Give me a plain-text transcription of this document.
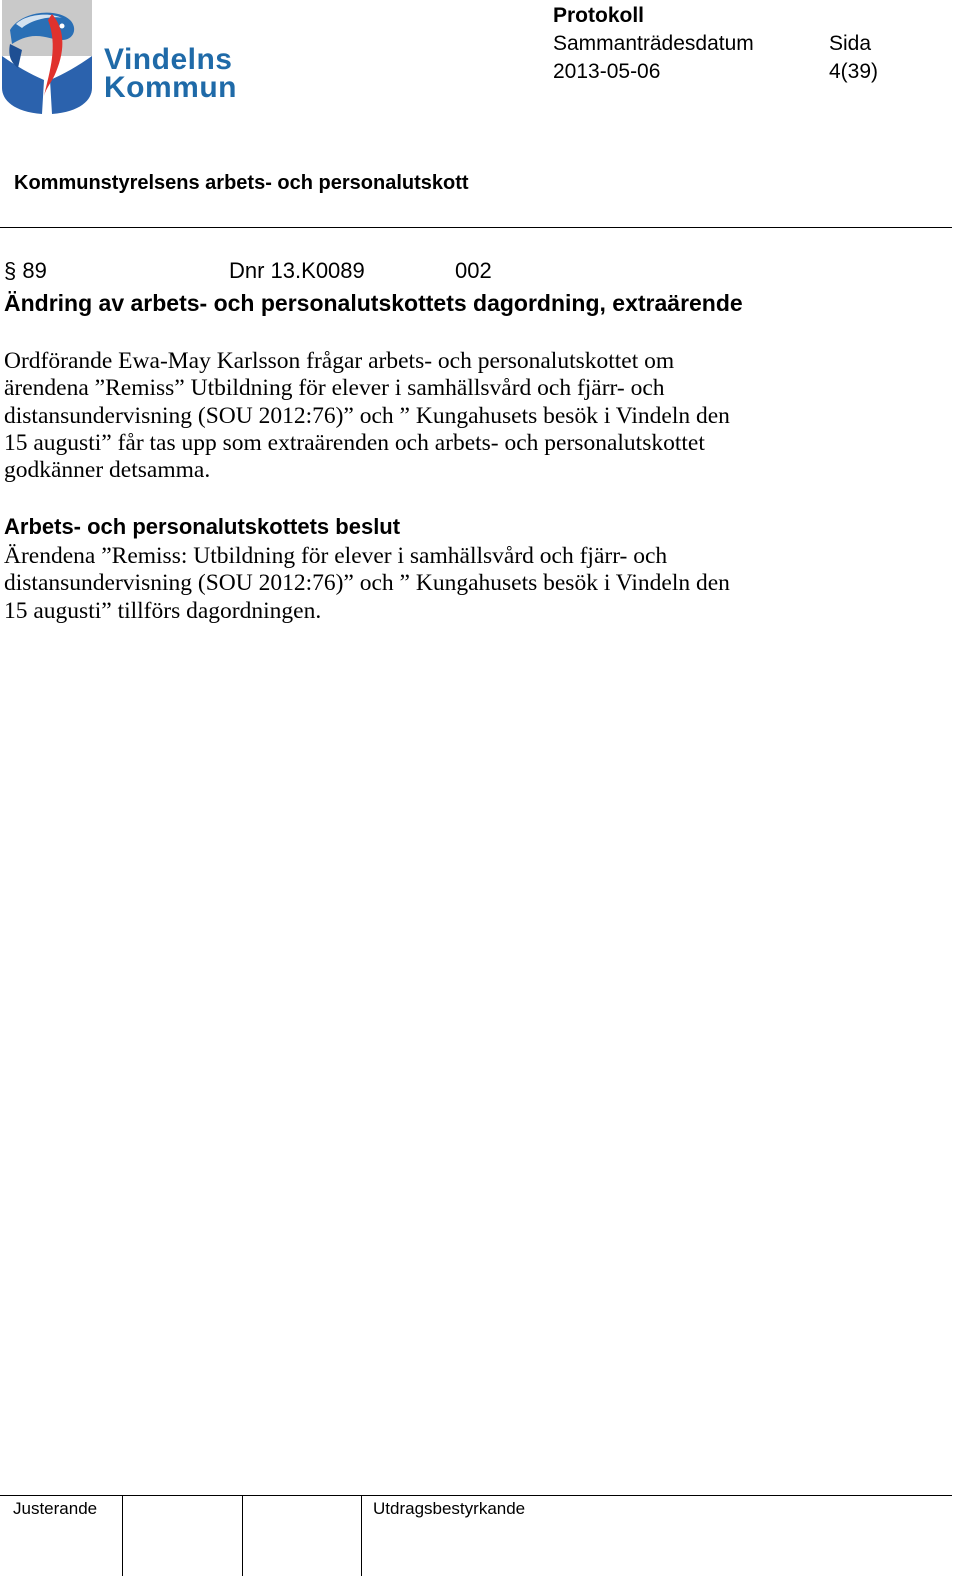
Vindelns
Kommun
Protokoll
Sammanträdesdatum
2013-05-06
Sida
4(39)
Kommunstyrelsens arbets- och personalutskott
§ 89	Dnr 13.K0089	002
Ändring av arbets- och personalutskottets dagordning, extraärende
Ordförande Ewa-May Karlsson frågar arbets- och personalutskottet om
ärendena ”Remiss” Utbildning för elever i samhällsvård och fjärr- och
distansundervisning (SOU 2012:76)” och ” Kungahusets besök i Vindeln den
15 augusti” får tas upp som extraärenden och arbets- och personalutskottet
godkänner detsamma.
Arbets- och personalutskottets beslut
Ärendena ”Remiss: Utbildning för elever i samhällsvård och fjärr- och
distansundervisning (SOU 2012:76)” och ” Kungahusets besök i Vindeln den
15 augusti” tillförs dagordningen.
Justerande	Utdragsbestyrkande
